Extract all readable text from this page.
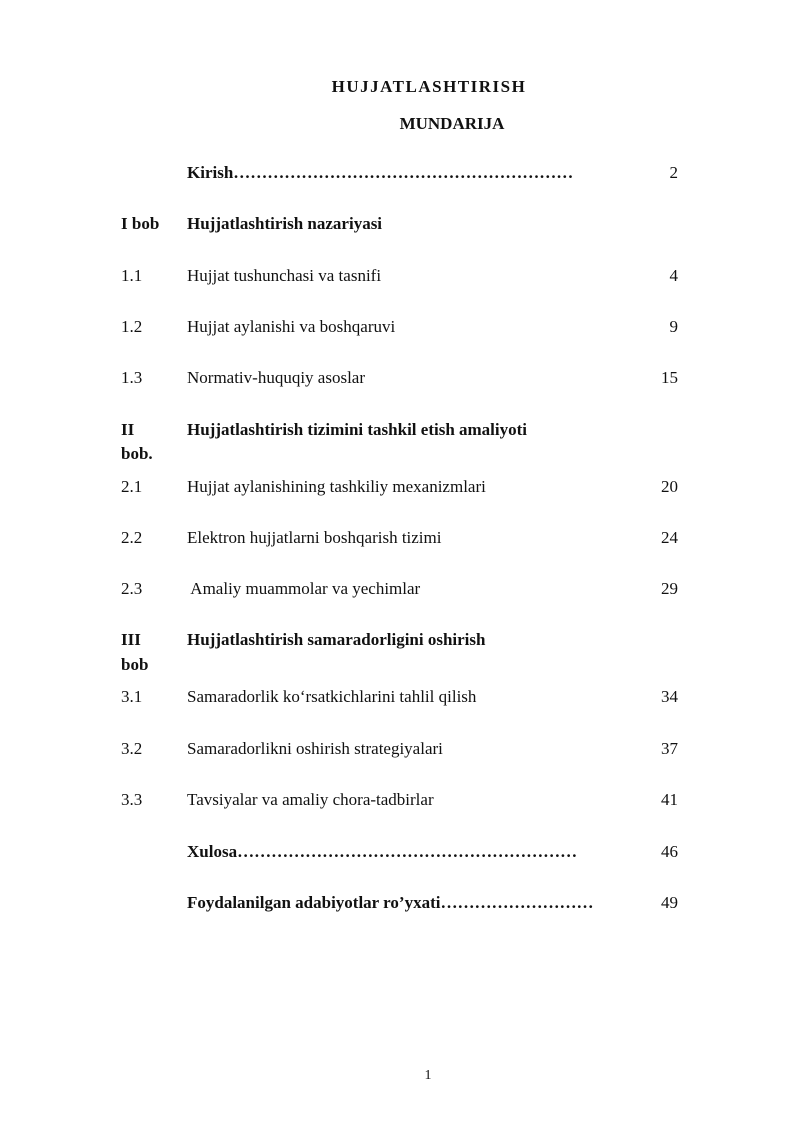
HUJJATLASHTIRISH
MUNDARIJA
Kirish……………………………………………………	2
I bob	Hujjatlashtirish nazariyasi
1.1	Hujjat tushunchasi va tasnifi	4
1.2	Hujjat aylanishi va boshqaruvi	9
1.3	Normativ-huquqiy asoslar	15
II	Hujjatlashtirish tizimini tashkil etish amaliyoti
bob.
2.1	Hujjat aylanishining tashkiliy mexanizmlari	20
2.2	Elektron hujjatlarni boshqarish tizimi	24
2.3	Amaliy muammolar va yechimlar	29
III	Hujjatlashtirish samaradorligini oshirish
bob
3.1	Samaradorlik ko‘rsatkichlarini tahlil qilish	34
3.2	Samaradorlikni oshirish strategiyalari	37
3.3	Tavsiyalar va amaliy chora-tadbirlar	41
Xulosa……………………………………………………	46
Foydalanilgan adabiyotlar ro’yxati………………………	49
1
